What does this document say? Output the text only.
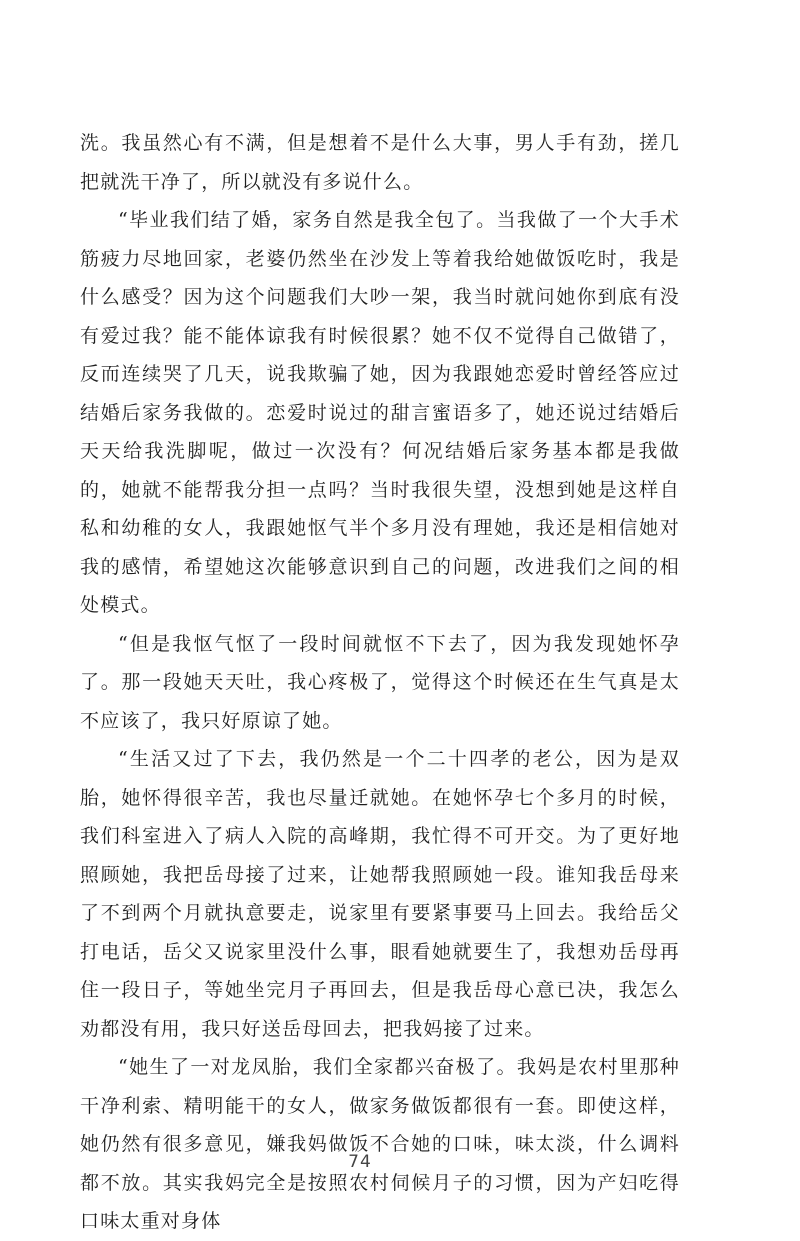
洗。我虽然心有不满，但是想着不是什么大事，男人手有劲，搓几把就洗干净了，所以就没有多说什么。

“毕业我们结了婚，家务自然是我全包了。当我做了一个大手术筋疲力尽地回家，老婆仍然坐在沙发上等着我给她做饭吃时，我是什么感受？因为这个问题我们大吵一架，我当时就问她你到底有没有爱过我？能不能体谅我有时候很累？她不仅不觉得自己做错了，反而连续哭了几天，说我欺骗了她，因为我跟她恋爱时曾经答应过结婚后家务我做的。恋爱时说过的甜言蜜语多了，她还说过结婚后天天给我洗脚呢，做过一次没有？何况结婚后家务基本都是我做的，她就不能帮我分担一点吗？当时我很失望，没想到她是这样自私和幼稚的女人，我跟她怄气半个多月没有理她，我还是相信她对我的感情，希望她这次能够意识到自己的问题，改进我们之间的相处模式。

“但是我怄气怄了一段时间就怄不下去了，因为我发现她怀孕了。那一段她天天吐，我心疼极了，觉得这个时候还在生气真是太不应该了，我只好原谅了她。

“生活又过了下去，我仍然是一个二十四孝的老公，因为是双胎，她怀得很辛苦，我也尽量迁就她。在她怀孕七个多月的时候，我们科室进入了病人入院的高峰期，我忙得不可开交。为了更好地照顾她，我把岳母接了过来，让她帮我照顾她一段。谁知我岳母来了不到两个月就执意要走，说家里有要紧事要马上回去。我给岳父打电话，岳父又说家里没什么事，眼看她就要生了，我想劝岳母再住一段日子，等她坐完月子再回去，但是我岳母心意已决，我怎么劝都没有用，我只好送岳母回去，把我妈接了过来。

“她生了一对龙凤胎，我们全家都兴奋极了。我妈是农村里那种干净利索、精明能干的女人，做家务做饭都很有一套。即使这样，她仍然有很多意见，嫌我妈做饭不合她的口味，味太淡，什么调料都不放。其实我妈完全是按照农村伺候月子的习惯，因为产妇吃得口味太重对身体

74
